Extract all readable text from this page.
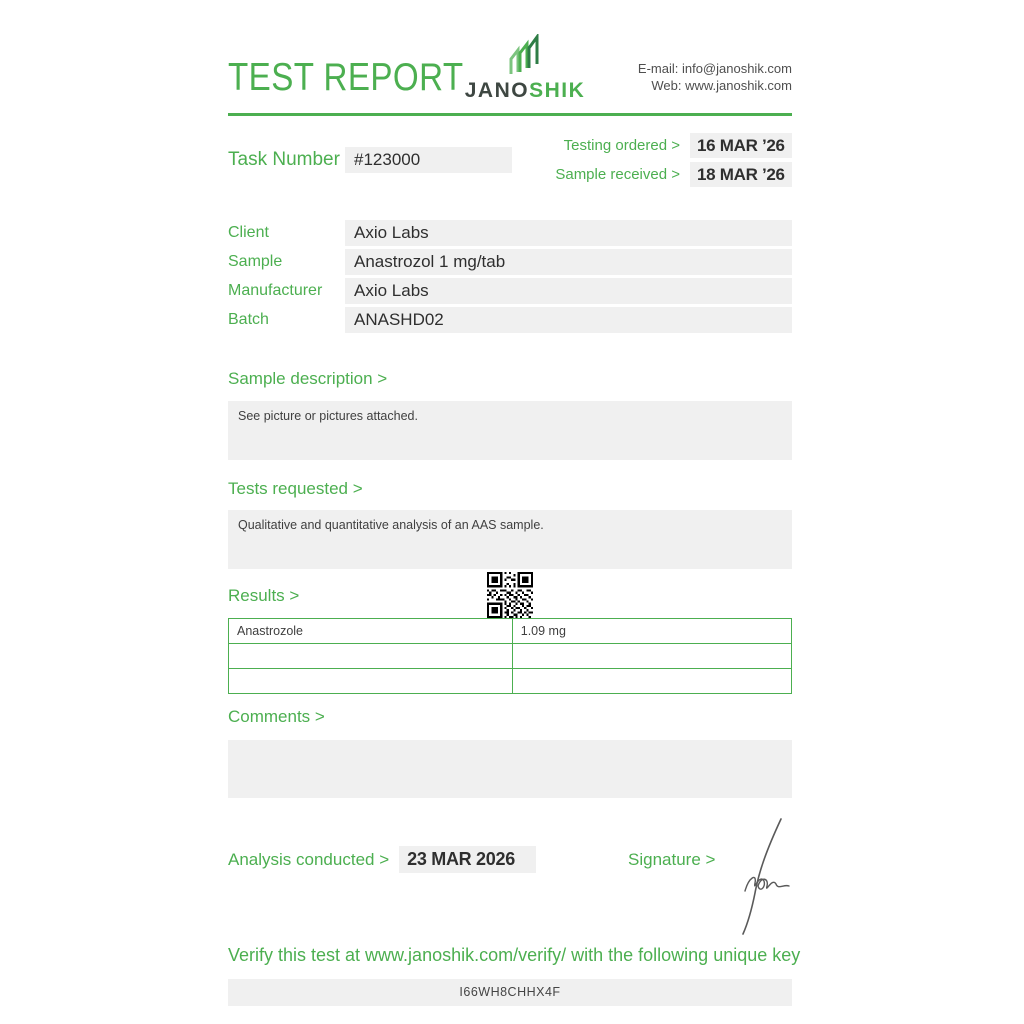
TEST REPORT JANOSHIK
E-mail: info@janoshik.com
Web: www.janoshik.com
Task Number #123000
Testing ordered >	16 MAR ’26
Sample received >	18 MAR ’26
Client	Axio Labs
Sample	Anastrozol 1 mg/tab
Manufacturer	Axio Labs
Batch	ANASHD02
Sample description >
See picture or pictures attached.
Tests requested >
Qualitative and quantitative analysis of an AAS sample.
Results >
Anastrozole	1.09 mg

Comments >
Analysis conducted >	23 MAR 2026	Signature >
Verify this test at www.janoshik.com/verify/ with the following unique key
I66WH8CHHX4F
